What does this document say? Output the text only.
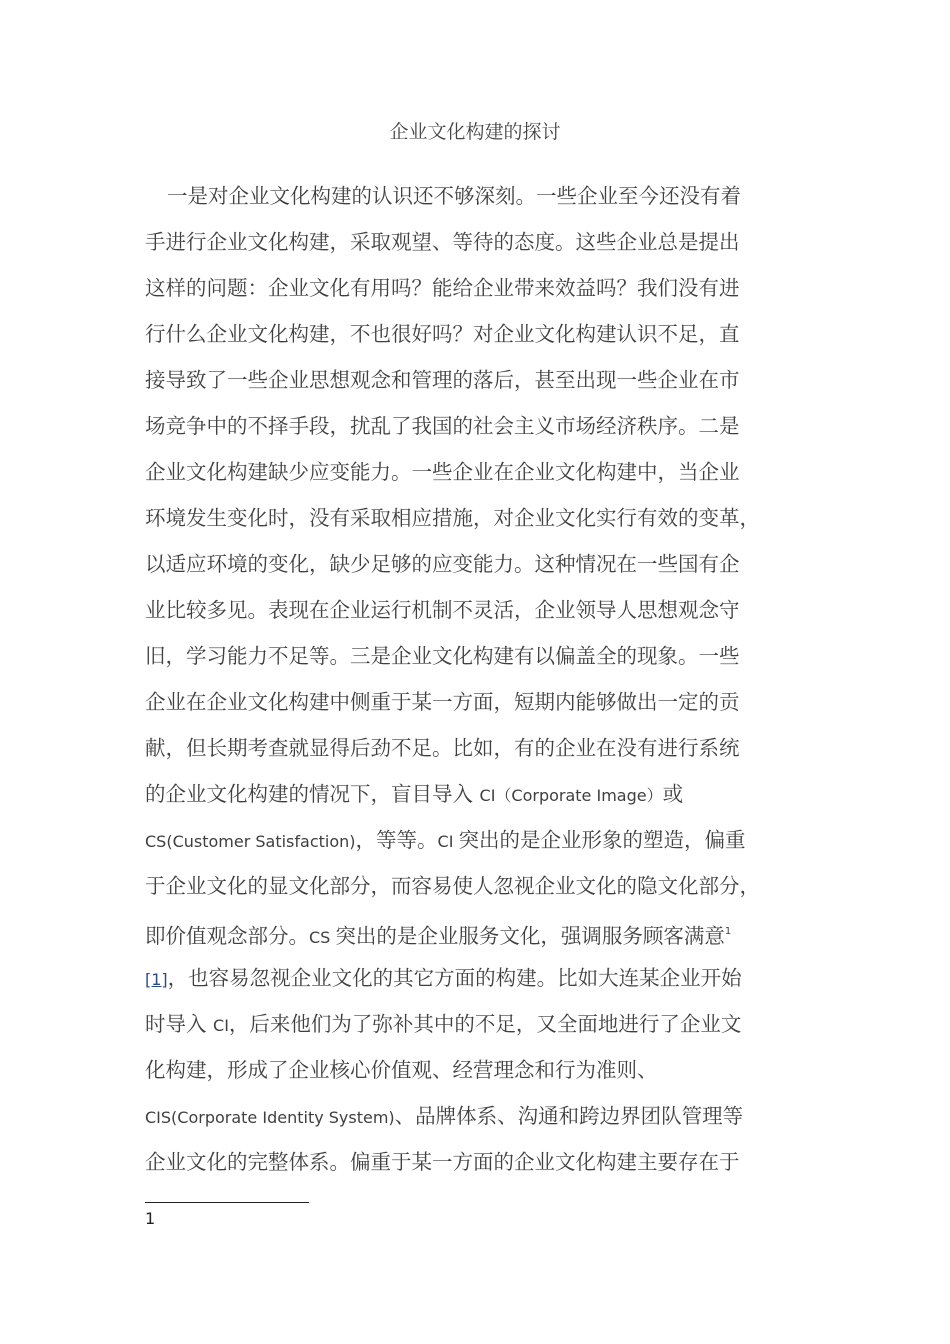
企业文化构建的探讨
一是对企业文化构建的认识还不够深刻。一些企业至今还没有着
手进行企业文化构建，采取观望、等待的态度。这些企业总是提出
这样的问题：企业文化有用吗？能给企业带来效益吗？我们没有进
行什么企业文化构建，不也很好吗？对企业文化构建认识不足，直
接导致了一些企业思想观念和管理的落后，甚至出现一些企业在市
场竞争中的不择手段，扰乱了我国的社会主义市场经济秩序。二是
企业文化构建缺少应变能力。一些企业在企业文化构建中，当企业
环境发生变化时，没有采取相应措施，对企业文化实行有效的变革，
以适应环境的变化，缺少足够的应变能力。这种情况在一些国有企
业比较多见。表现在企业运行机制不灵活，企业领导人思想观念守
旧，学习能力不足等。三是企业文化构建有以偏盖全的现象。一些
企业在企业文化构建中侧重于某一方面，短期内能够做出一定的贡
献，但长期考查就显得后劲不足。比如，有的企业在没有进行系统
的企业文化构建的情况下，盲目导入 CI（Corporate Image）或
CS(Customer Satisfaction)，等等。CI 突出的是企业形象的塑造，偏重
于企业文化的显文化部分，而容易使人忽视企业文化的隐文化部分，
即价值观念部分。CS 突出的是企业服务文化，强调服务顾客满意$^1$
[1]，也容易忽视企业文化的其它方面的构建。比如大连某企业开始
时导入 CI，后来他们为了弥补其中的不足，又全面地进行了企业文
化构建，形成了企业核心价值观、经营理念和行为准则、
CIS(Corporate Identity System)、品牌体系、沟通和跨边界团队管理等
企业文化的完整体系。偏重于某一方面的企业文化构建主要存在于
1
